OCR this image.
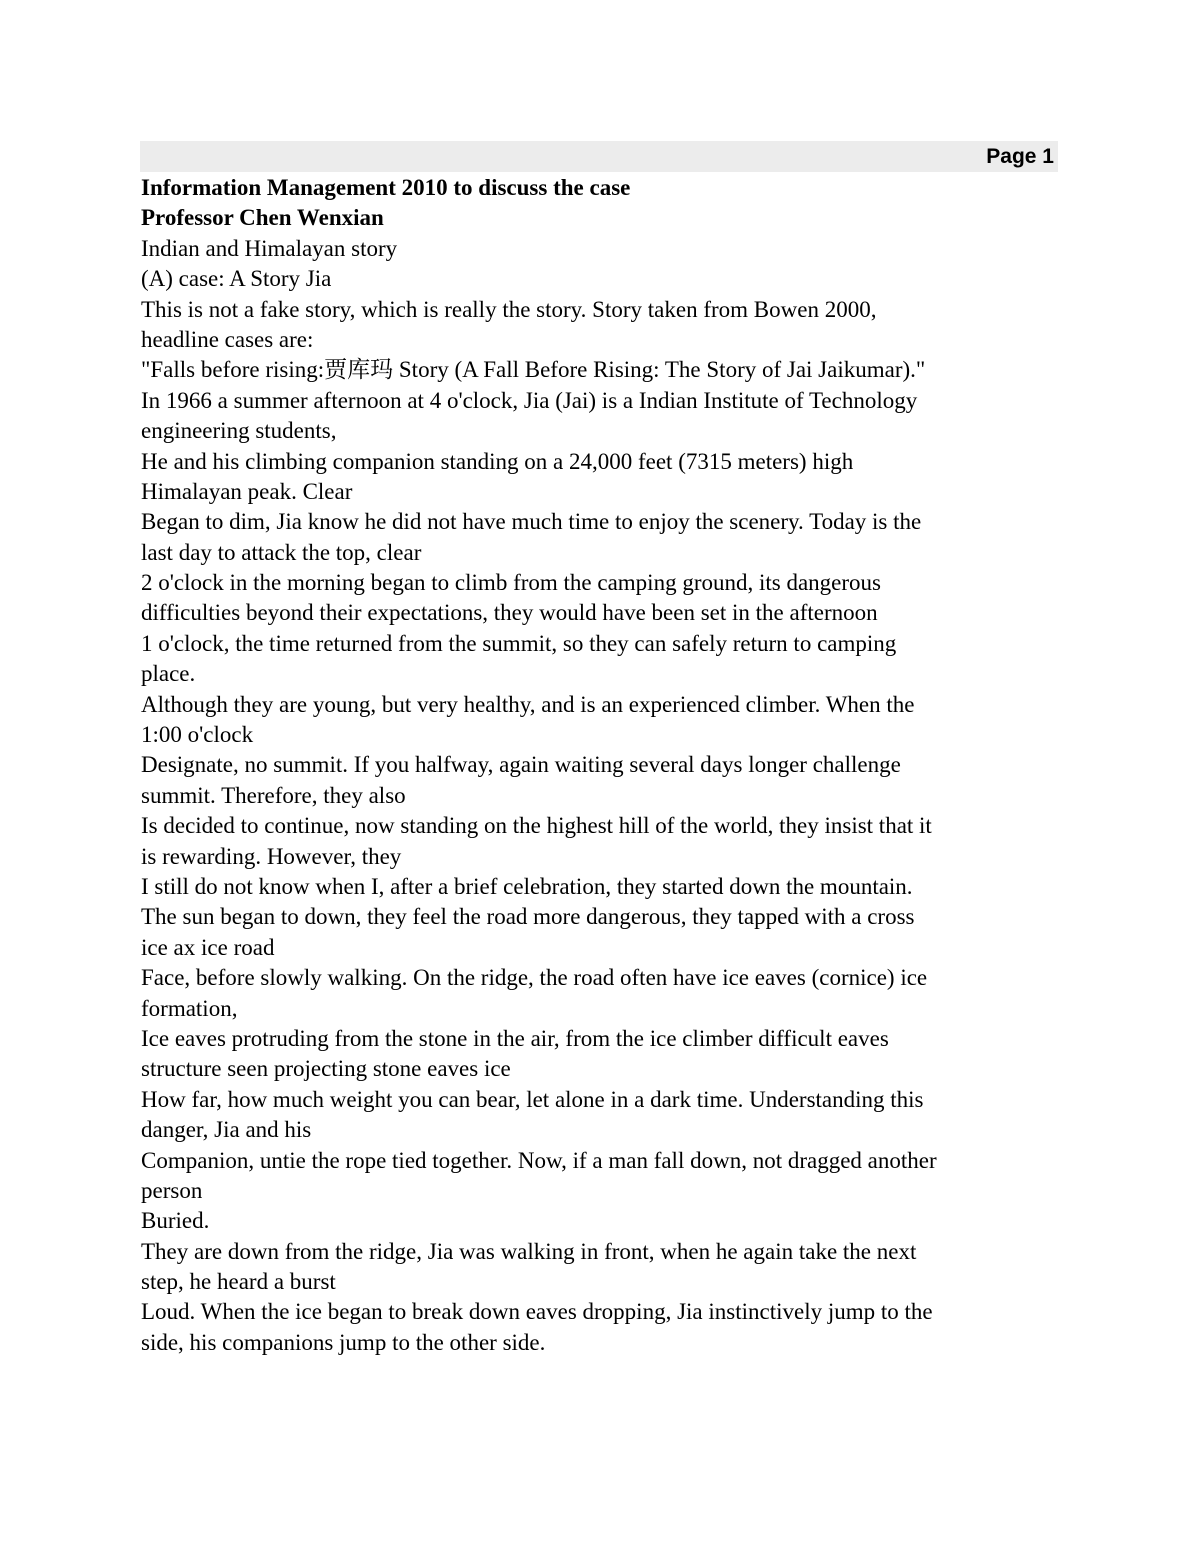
Page 1

Information Management 2010 to discuss the case

Professor Chen Wenxian

Indian and Himalayan story

(A) case: A Story Jia

This is not a fake story, which is really the story. Story taken from Bowen 2000,

headline cases are:

"Falls before rising:贾库玛 Story (A Fall Before Rising: The Story of Jai Jaikumar)."

In 1966 a summer afternoon at 4 o'clock, Jia (Jai) is a Indian Institute of Technology

engineering students,

He and his climbing companion standing on a 24,000 feet (7315 meters) high

Himalayan peak. Clear

Began to dim, Jia know he did not have much time to enjoy the scenery. Today is the

last day to attack the top, clear

2 o'clock in the morning began to climb from the camping ground, its dangerous

difficulties beyond their expectations, they would have been set in the afternoon

1 o'clock, the time returned from the summit, so they can safely return to camping

place.

Although they are young, but very healthy, and is an experienced climber. When the

1:00 o'clock

Designate, no summit. If you halfway, again waiting several days longer challenge

summit. Therefore, they also

Is decided to continue, now standing on the highest hill of the world, they insist that it

is rewarding. However, they

I still do not know when I, after a brief celebration, they started down the mountain.

The sun began to down, they feel the road more dangerous, they tapped with a cross

ice ax ice road

Face, before slowly walking. On the ridge, the road often have ice eaves (cornice) ice

formation,

Ice eaves protruding from the stone in the air, from the ice climber difficult eaves

structure seen projecting stone eaves ice

How far, how much weight you can bear, let alone in a dark time. Understanding this

danger, Jia and his

Companion, untie the rope tied together. Now, if a man fall down, not dragged another

person

Buried.

They are down from the ridge, Jia was walking in front, when he again take the next

step, he heard a burst

Loud. When the ice began to break down eaves dropping, Jia instinctively jump to the

side, his companions jump to the other side.
